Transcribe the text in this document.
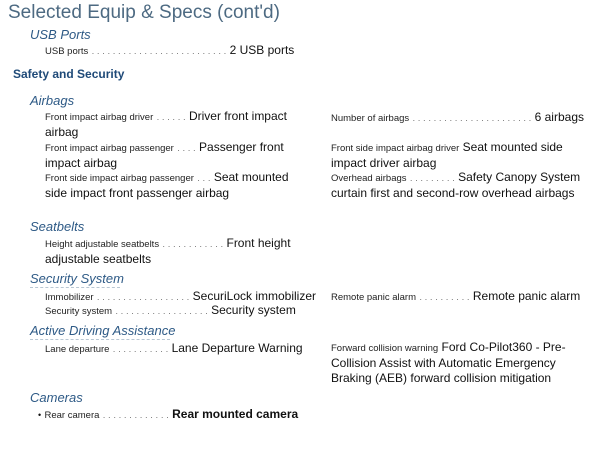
Selected Equip & Specs (cont'd)
USB Ports
USB ports . . . . . . . . . . . . . . . . . . . . . . . . . . 2 USB ports
Safety and Security
Airbags
Front impact airbag driver . . . . . . Driver front impact airbag
Front impact airbag passenger . . . . Passenger front impact airbag
Front side impact airbag passenger . . . Seat mounted side impact front passenger airbag
Number of airbags . . . . . . . . . . . . . . . . . . . . . . . 6 airbags
Front side impact airbag driver Seat mounted side impact driver airbag
Overhead airbags . . . . . . . . . Safety Canopy System curtain first and second-row overhead airbags
Seatbelts
Height adjustable seatbelts . . . . . . . . . . . . Front height adjustable seatbelts
Security System
Immobilizer . . . . . . . . . . . . . . . . . . SecuriLock immobilizer
Security system . . . . . . . . . . . . . . . . . . Security system
Remote panic alarm . . . . . . . . . . Remote panic alarm
Active Driving Assistance
Lane departure . . . . . . . . . . . Lane Departure Warning	Forward collision warning Ford Co-Pilot360 - Pre-Collision Assist with Automatic Emergency Braking (AEB) forward collision mitigation
Cameras
• Rear camera . . . . . . . . . . . . . Rear mounted camera
